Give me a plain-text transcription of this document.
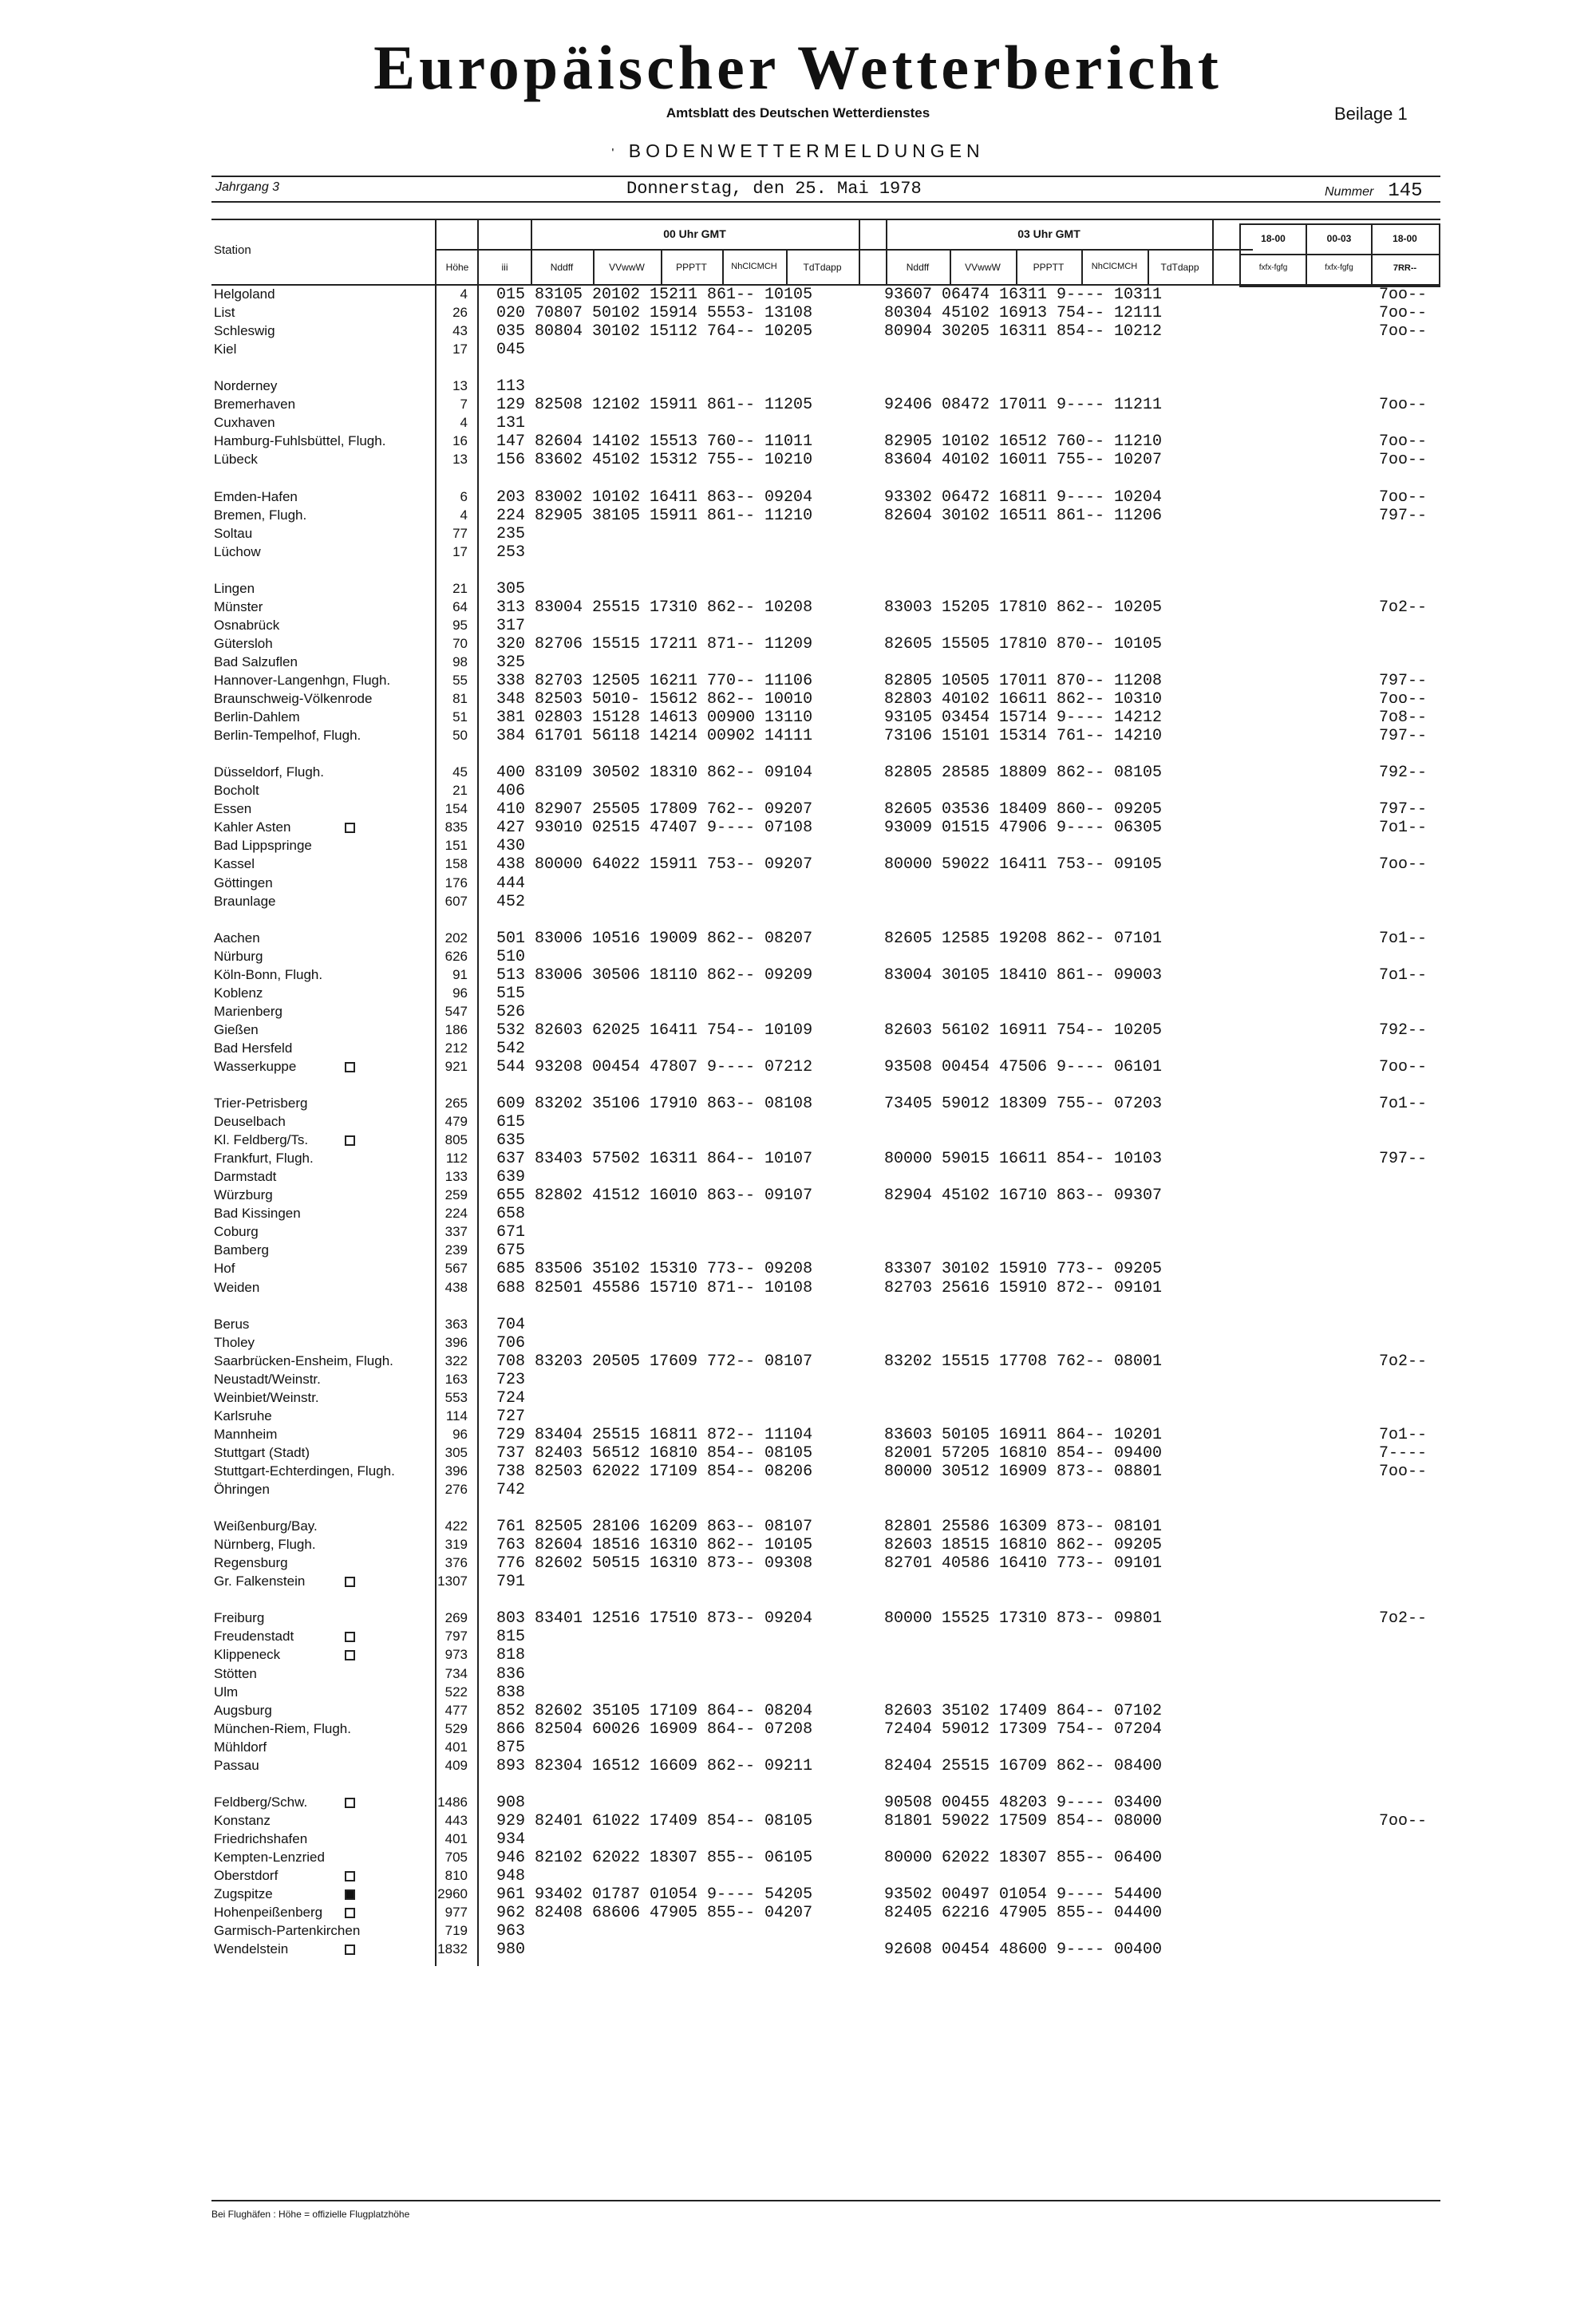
Europäischer Wetterbericht
Amtsblatt des Deutschen Wetterdienstes	Beilage 1
' BODENWETTERMELDUNGEN
Jahrgang 3	Donnerstag, den 25. Mai 1978	Nummer 145
Station
Höhe	iii
00 Uhr GMT	03 Uhr GMT
Nddff	VVwwW	PPPTT	NhClCMCH	TdTdapp	Nddff	VVwwW	PPPTT	NhClCMCH	TdTdapp
18-00	00-03	18-00
fxfx-fgfg	fxfx-fgfg	7RR--
Helgoland	4 015 83105 20102 15211 861-- 10105	93607 06474 16311 9---- 10311	7oo--
List	26 020 70807 50102 15914 5553- 13108	80304 45102 16913 754-- 12111	7oo--
Schleswig	43 035 80804 30102 15112 764-- 10205	80904 30205 16311 854-- 10212	7oo--
Kiel	17 045
Norderney	13 113
Bremerhaven	7 129 82508 12102 15911 861-- 11205	92406 08472 17011 9---- 11211	7oo--
Cuxhaven	4 131
Hamburg-Fuhlsbüttel, Flugh.	16 147 82604 14102 15513 760-- 11011	82905 10102 16512 760-- 11210	7oo--
Lübeck	13 156 83602 45102 15312 755-- 10210	83604 40102 16011 755-- 10207	7oo--
Emden-Hafen	6 203 83002 10102 16411 863-- 09204	93302 06472 16811 9---- 10204	7oo--
Bremen, Flugh.	4 224 82905 38105 15911 861-- 11210	82604 30102 16511 861-- 11206	797--
Soltau	77 235
Lüchow	17 253
Lingen	21 305
Münster	64 313 83004 25515 17310 862-- 10208	83003 15205 17810 862-- 10205	7o2--
Osnabrück	95 317
Gütersloh	70 320 82706 15515 17211 871-- 11209	82605 15505 17810 870-- 10105
Bad Salzuflen	98 325
Hannover-Langenhgn, Flugh.	55 338 82703 12505 16211 770-- 11106	82805 10505 17011 870-- 11208	797--
Braunschweig-Völkenrode	81 348 82503 5010- 15612 862-- 10010	82803 40102 16611 862-- 10310	7oo--
Berlin-Dahlem	51 381 02803 15128 14613 00900 13110	93105 03454 15714 9---- 14212	7o8--
Berlin-Tempelhof, Flugh.	50 384 61701 56118 14214 00902 14111	73106 15101 15314 761-- 14210	797--
Düsseldorf, Flugh.	45 400 83109 30502 18310 862-- 09104	82805 28585 18809 862-- 08105	792--
Bocholt	21 406
Essen	154 410 82907 25505 17809 762-- 09207	82605 03536 18409 860-- 09205	797--
Kahler Asten	835 427 93010 02515 47407 9---- 07108	93009 01515 47906 9---- 06305	7o1--
Bad Lippspringe	151 430
Kassel	158 438 80000 64022 15911 753-- 09207	80000 59022 16411 753-- 09105	7oo--
Göttingen	176 444
Braunlage	607 452
Aachen	202 501 83006 10516 19009 862-- 08207	82605 12585 19208 862-- 07101	7o1--
Nürburg	626 510
Köln-Bonn, Flugh.	91 513 83006 30506 18110 862-- 09209	83004 30105 18410 861-- 09003	7o1--
Koblenz	96 515
Marienberg	547 526
Gießen	186 532 82603 62025 16411 754-- 10109	82603 56102 16911 754-- 10205	792--
Bad Hersfeld	212 542
Wasserkuppe	921 544 93208 00454 47807 9---- 07212	93508 00454 47506 9---- 06101	7oo--
Trier-Petrisberg	265 609 83202 35106 17910 863-- 08108	73405 59012 18309 755-- 07203	7o1--
Deuselbach	479 615
Kl. Feldberg/Ts.	805 635
Frankfurt, Flugh.	112 637 83403 57502 16311 864-- 10107	80000 59015 16611 854-- 10103	797--
Darmstadt	133 639
Würzburg	259 655 82802 41512 16010 863-- 09107	82904 45102 16710 863-- 09307
Bad Kissingen	224 658
Coburg	337 671
Bamberg	239 675
Hof	567 685 83506 35102 15310 773-- 09208	83307 30102 15910 773-- 09205
Weiden	438 688 82501 45586 15710 871-- 10108	82703 25616 15910 872-- 09101
Berus	363 704
Tholey	396 706
Saarbrücken-Ensheim, Flugh.	322 708 83203 20505 17609 772-- 08107	83202 15515 17708 762-- 08001	7o2--
Neustadt/Weinstr.	163 723
Weinbiet/Weinstr.	553 724
Karlsruhe	114 727
Mannheim	96 729 83404 25515 16811 872-- 11104	83603 50105 16911 864-- 10201	7o1--
Stuttgart (Stadt)	305 737 82403 56512 16810 854-- 08105	82001 57205 16810 854-- 09400	7----
Stuttgart-Echterdingen, Flugh.	396 738 82503 62022 17109 854-- 08206	80000 30512 16909 873-- 08801	7oo--
Öhringen	276 742
Weißenburg/Bay.	422 761 82505 28106 16209 863-- 08107	82801 25586 16309 873-- 08101
Nürnberg, Flugh.	319 763 82604 18516 16310 862-- 10105	82603 18515 16810 862-- 09205
Regensburg	376 776 82602 50515 16310 873-- 09308	82701 40586 16410 773-- 09101
Gr. Falkenstein	1307 791
Freiburg	269 803 83401 12516 17510 873-- 09204	80000 15525 17310 873-- 09801	7o2--
Freudenstadt	797 815
Klippeneck	973 818
Stötten	734 836
Ulm	522 838
Augsburg	477 852 82602 35105 17109 864-- 08204	82603 35102 17409 864-- 07102
München-Riem, Flugh.	529 866 82504 60026 16909 864-- 07208	72404 59012 17309 754-- 07204
Mühldorf	401 875
Passau	409 893 82304 16512 16609 862-- 09211	82404 25515 16709 862-- 08400
Feldberg/Schw.	1486 908	90508 00455 48203 9---- 03400
Konstanz	443 929 82401 61022 17409 854-- 08105	81801 59022 17509 854-- 08000	7oo--
Friedrichshafen	401 934
Kempten-Lenzried	705 946 82102 62022 18307 855-- 06105	80000 62022 18307 855-- 06400
Oberstdorf	810 948
Zugspitze	2960 961 93402 01787 01054 9---- 54205	93502 00497 01054 9---- 54400
Hohenpeißenberg	977 962 82408 68606 47905 855-- 04207	82405 62216 47905 855-- 04400
Garmisch-Partenkirchen	719 963
Wendelstein	1832 980	92608 00454 48600 9---- 00400
Bei Flughäfen : Höhe = offizielle Flugplatzhöhe
